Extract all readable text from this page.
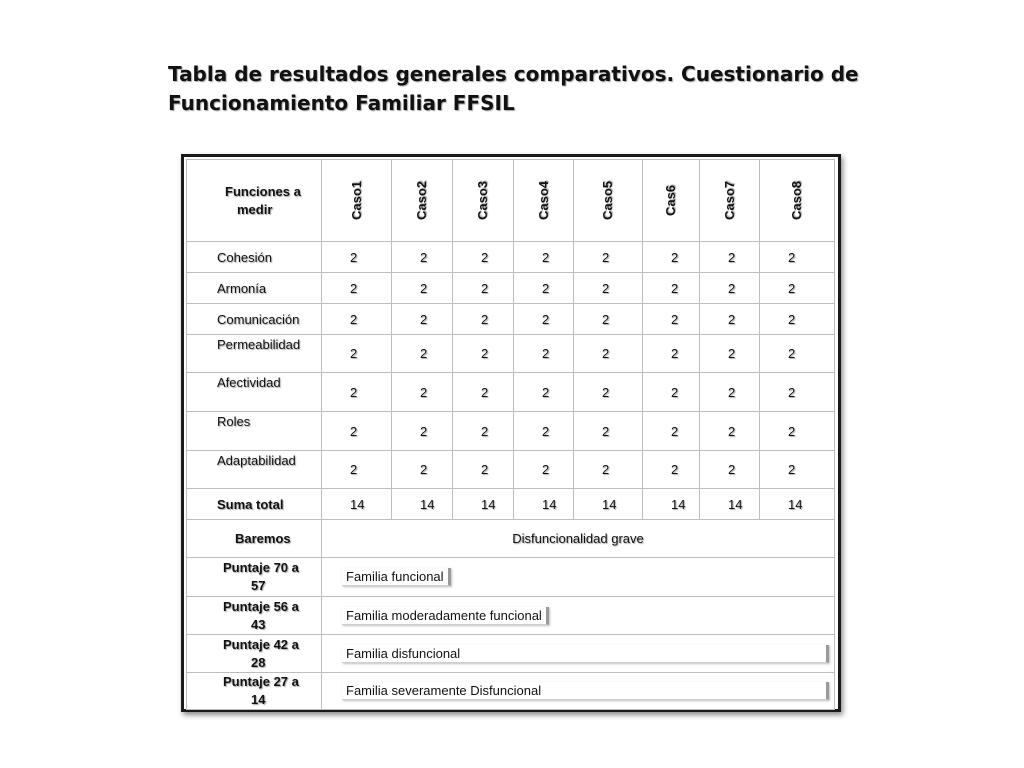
Tabla de resultados generales comparativos. Cuestionario de Funcionamiento Familiar FFSIL
Funciones a
medir	Caso1	Caso2	Caso3	Caso4	Caso5	Cas6	Caso7	Caso8
Cohesión	2	2	2	2	2	2	2	2
Armonía	2	2	2	2	2	2	2	2
Comunicación	2	2	2	2	2	2	2	2
Permeabilidad	2	2	2	2	2	2	2	2
Afectividad	2	2	2	2	2	2	2	2
Roles	2	2	2	2	2	2	2	2
Adaptabilidad	2	2	2	2	2	2	2	2
Suma total	14	14	14	14	14	14	14	14
Baremos	Disfuncionalidad grave							

Puntaje 70 a
57	Familia funcional							

Puntaje 56 a
43	Familia moderadamente funcional							

Puntaje 42 a
28	Familia disfuncional							

Puntaje 27 a
14	Familia severamente Disfuncional							
